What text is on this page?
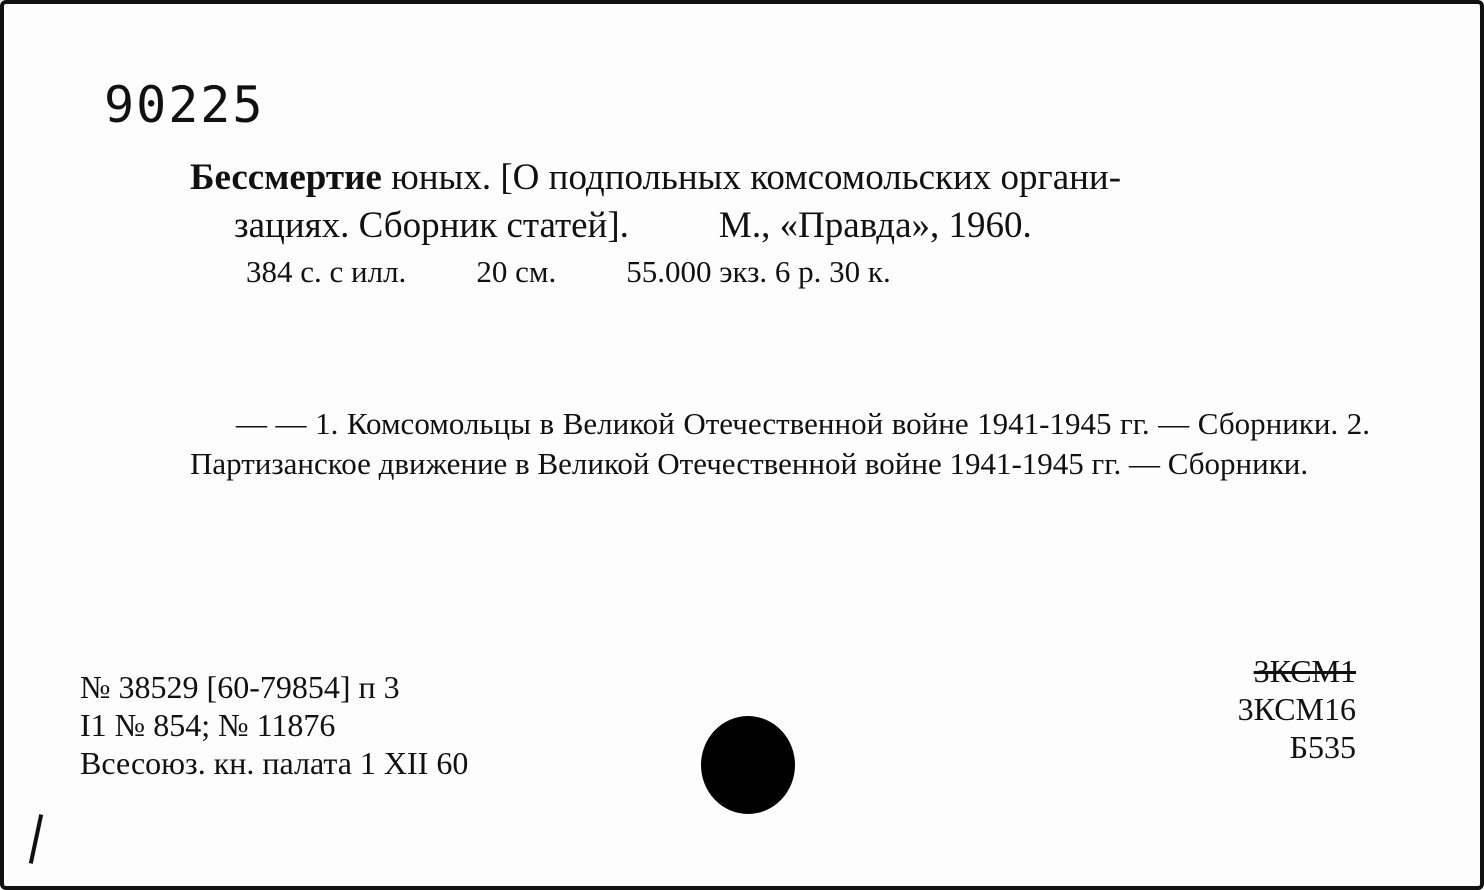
90225
Бессмертие юных. [О подпольных комсомольских органи-
зациях. Сборник статей]. М., «Правда», 1960.
384 с. с илл. 20 см. 55.000 экз. 6 р. 30 к.

— — 1. Комсомольцы в Великой Отечественной войне 1941-1945 гг. — Сборники. 2. Партизанское движение в Великой Отечественной войне 1941-1945 гг. — Сборники.

№ 38529 [60-79854] п 3
I1 № 854; № 11876
Всесоюз. кн. палата 1 XII 60
3КСМ1
3КСМ16
Б535
